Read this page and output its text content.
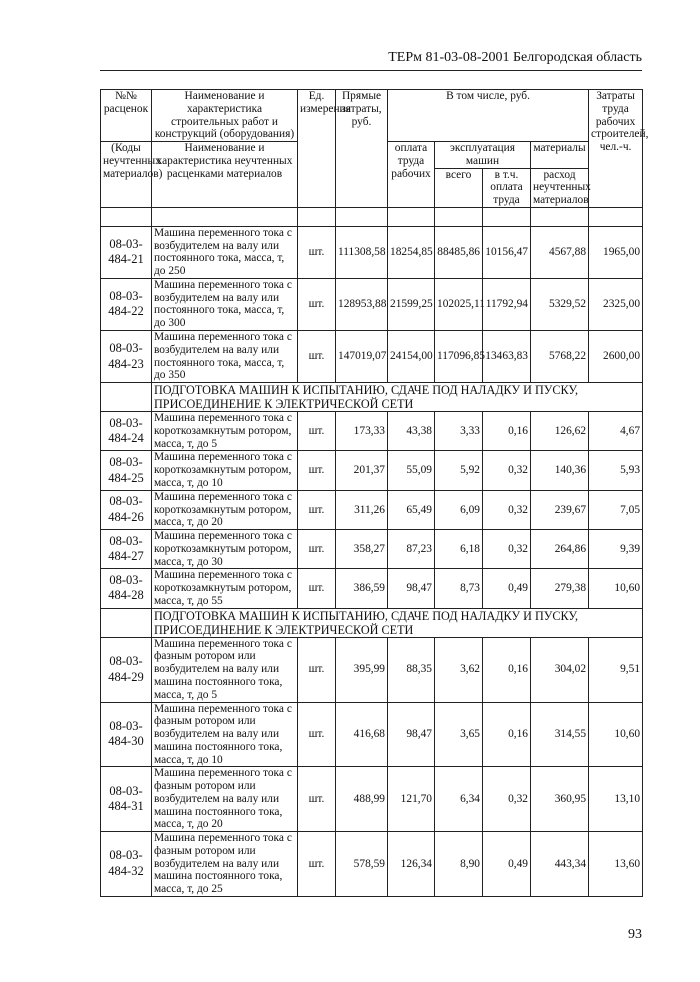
ТЕРм 81-03-08-2001 Белгородская область
№№ расценок	Наименование и характеристика строительных работ и конструкций (оборудования)	Ед. измерения	Прямые затраты, руб.	В том числе, руб.				Затраты труда рабочих строителей, чел.-ч.
(Коды неучтенных материалов)	Наименование и характеристика неучтенных расценками материалов			оплата труда рабочих	эксплуатация машин		материалы	
					всего	в т.ч. оплата труда	расход неучтенных материалов	

08-03-484-21	Машина переменного тока с возбудителем на валу или постоянного тока, масса, т, до 250	шт.	111308,58	18254,85	88485,86	10156,47	4567,88	1965,00
08-03-484-22	Машина переменного тока с возбудителем на валу или постоянного тока, масса, т, до 300	шт.	128953,88	21599,25	102025,11	11792,94	5329,52	2325,00
08-03-484-23	Машина переменного тока с возбудителем на валу или постоянного тока, масса, т, до 350	шт.	147019,07	24154,00	117096,85	13463,83	5768,22	2600,00
	ПОДГОТОВКА МАШИН К ИСПЫТАНИЮ, СДАЧЕ ПОД НАЛАДКУ И ПУСКУ, ПРИСОЕДИНЕНИЕ К ЭЛЕКТРИЧЕСКОЙ СЕТИ							
08-03-484-24	Машина переменного тока с короткозамкнутым ротором, масса, т, до 5	шт.	173,33	43,38	3,33	0,16	126,62	4,67
08-03-484-25	Машина переменного тока с короткозамкнутым ротором, масса, т, до 10	шт.	201,37	55,09	5,92	0,32	140,36	5,93
08-03-484-26	Машина переменного тока с короткозамкнутым ротором, масса, т, до 20	шт.	311,26	65,49	6,09	0,32	239,67	7,05
08-03-484-27	Машина переменного тока с короткозамкнутым ротором, масса, т, до 30	шт.	358,27	87,23	6,18	0,32	264,86	9,39
08-03-484-28	Машина переменного тока с короткозамкнутым ротором, масса, т, до 55	шт.	386,59	98,47	8,73	0,49	279,38	10,60
	ПОДГОТОВКА МАШИН К ИСПЫТАНИЮ, СДАЧЕ ПОД НАЛАДКУ И ПУСКУ, ПРИСОЕДИНЕНИЕ К ЭЛЕКТРИЧЕСКОЙ СЕТИ							
08-03-484-29	Машина переменного тока с фазным ротором или возбудителем на валу или машина постоянного тока, масса, т, до 5	шт.	395,99	88,35	3,62	0,16	304,02	9,51
08-03-484-30	Машина переменного тока с фазным ротором или возбудителем на валу или машина постоянного тока, масса, т, до 10	шт.	416,68	98,47	3,65	0,16	314,55	10,60
08-03-484-31	Машина переменного тока с фазным ротором или возбудителем на валу или машина постоянного тока, масса, т, до 20	шт.	488,99	121,70	6,34	0,32	360,95	13,10
08-03-484-32	Машина переменного тока с фазным ротором или возбудителем на валу или машина постоянного тока, масса, т, до 25	шт.	578,59	126,34	8,90	0,49	443,34	13,60
93
